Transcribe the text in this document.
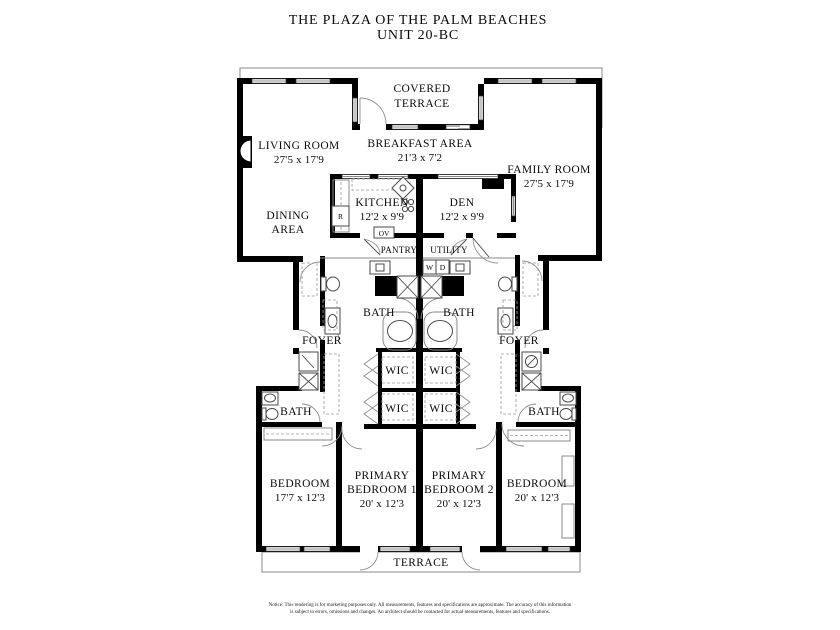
THE PLAZA OF THE PALM BEACHES
UNIT 20-BC
COVERED
TERRACE
LIVING ROOM
27'5 x 17'9
BREAKFAST AREA
21'3 x 7'2
FAMILY ROOM
27'5 x 17'9
DINING
AREA
KITCHEN
12'2 x 9'9
DEN
12'2 x 9'9
PANTRY UTILITY
R
OV
W D
BATH	BATH
FOYER	FOYER
WIC WIC
WIC WIC
BATH	BATH
BEDROOM
17'7 x 12'3
PRIMARY
BEDROOM 1
20' x 12'3
PRIMARY
BEDROOM 2
20' x 12'3
BEDROOM
20' x 12'3
TERRACE
Notice: This rendering is for marketing purposes only. All measurements, features and specifications are approximate. The accuracy of this information
is subject to errors, omissions and changes. An architect should be contacted for actual measurements, features and specifications.
